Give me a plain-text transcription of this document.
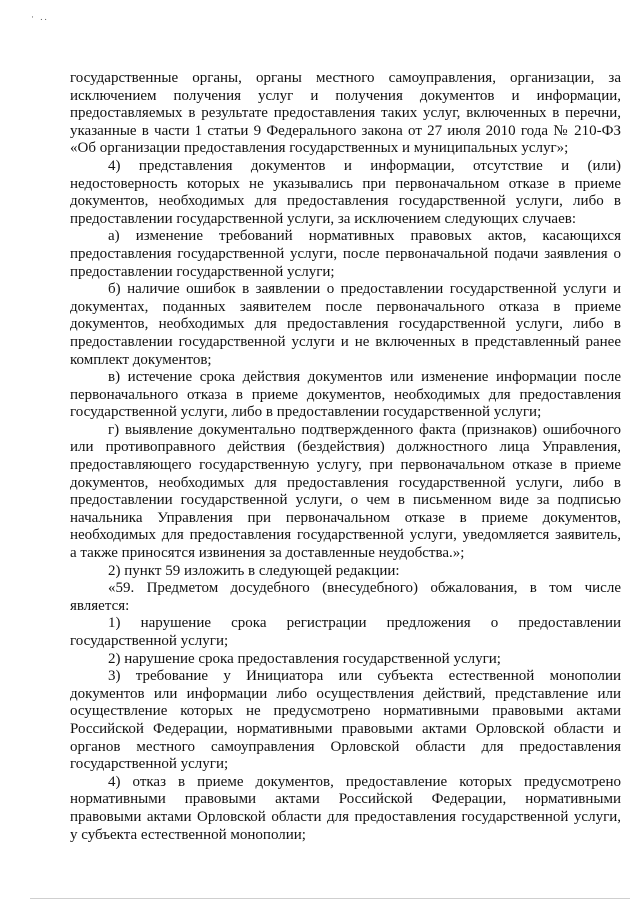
· ..
государственные органы, органы местного самоуправления, организации, за
исключением получения услуг и получения документов и информации,
предоставляемых в результате предоставления таких услуг, включенных в перечни,
указанные в части 1 статьи 9 Федерального закона от 27 июля 2010 года № 210-ФЗ
«Об организации предоставления государственных и муниципальных услуг»;
4) представления документов и информации, отсутствие и (или)
недостоверность которых не указывались при первоначальном отказе в приеме
документов, необходимых для предоставления государственной услуги, либо в
предоставлении государственной услуги, за исключением следующих случаев:
а) изменение требований нормативных правовых актов, касающихся
предоставления государственной услуги, после первоначальной подачи заявления о
предоставлении государственной услуги;
б) наличие ошибок в заявлении о предоставлении государственной услуги и
документах, поданных заявителем после первоначального отказа в приеме
документов, необходимых для предоставления государственной услуги, либо в
предоставлении государственной услуги и не включенных в представленный ранее
комплект документов;
в) истечение срока действия документов или изменение информации после
первоначального отказа в приеме документов, необходимых для предоставления
государственной услуги, либо в предоставлении государственной услуги;
г) выявление документально подтвержденного факта (признаков) ошибочного
или противоправного действия (бездействия) должностного лица Управления,
предоставляющего государственную услугу, при первоначальном отказе в приеме
документов, необходимых для предоставления государственной услуги, либо в
предоставлении государственной услуги, о чем в письменном виде за подписью
начальника Управления при первоначальном отказе в приеме документов,
необходимых для предоставления государственной услуги, уведомляется заявитель,
а также приносятся извинения за доставленные неудобства.»;
2) пункт 59 изложить в следующей редакции:
«59. Предметом досудебного (внесудебного) обжалования, в том числе
является:
1) нарушение срока регистрации предложения о предоставлении
государственной услуги;
2) нарушение срока предоставления государственной услуги;
3) требование у Инициатора или субъекта естественной монополии
документов или информации либо осуществления действий, представление или
осуществление которых не предусмотрено нормативными правовыми актами
Российской Федерации, нормативными правовыми актами Орловской области и
органов местного самоуправления Орловской области для предоставления
государственной услуги;
4) отказ в приеме документов, предоставление которых предусмотрено
нормативными правовыми актами Российской Федерации, нормативными
правовыми актами Орловской области для предоставления государственной услуги,
у субъекта естественной монополии;
